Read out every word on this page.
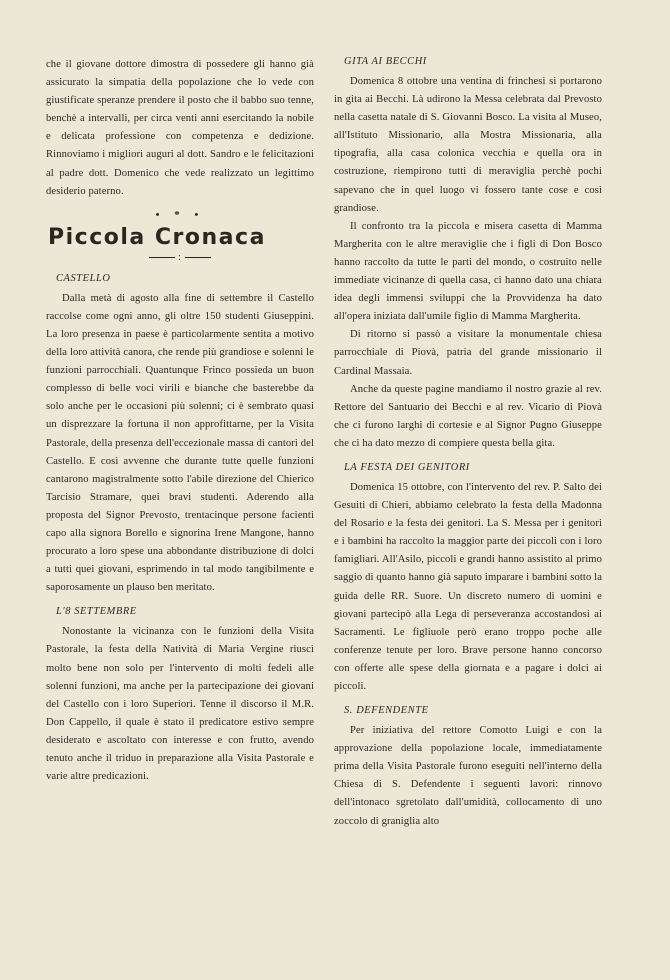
che il giovane dottore dimostra di possedere gli hanno già assicurato la simpatia della popolazione che lo vede con giustificate speranze prendere il posto che il babbo suo tenne, benchè a intervalli, per circa venti anni esercitando la nobile e delicata professione con competenza e dedizione. Rinnoviamo i migliori auguri al dott. Sandro e le felicitazioni al padre dott. Domenico che vede realizzato un legittimo desiderio paterno.

• * •
Piccola Cronaca
:
CASTELLO

Dalla metà di agosto alla fine di settembre il Castello raccolse come ogni anno, gli oltre 150 studenti Giuseppini. La loro presenza in paese è particolarmente sentita a motivo della loro attività canora, che rende più grandiose e solenni le funzioni parrocchiali. Quantunque Frinco possieda un buon complesso di belle voci virili e bianche che basterebbe da solo anche per le occasioni più solenni; ci è sembrato quasi un disprezzare la fortuna il non approfittarne, per la Visita Pastorale, della presenza dell'eccezionale massa di cantori del Castello. E così avvenne che durante tutte quelle funzioni cantarono magistralmente sotto l'abile direzione del Chierico Tarcisio Stramare, quei bravi studenti. Aderendo alla proposta del Signor Prevosto, trentacinque persone facienti capo alla signora Borello e signorina Irene Mangone, hanno procurato a loro spese una abbondante distribuzione di dolci a tutti quei giovani, esprimendo in tal modo tangibilmente e saporosamente un plauso ben meritato.

L'8 SETTEMBRE

Nonostante la vicinanza con le funzioni della Visita Pastorale, la festa della Natività di Maria Vergine riuscì molto bene non solo per l'intervento di molti fedeli alle solenni funzioni, ma anche per la partecipazione dei giovani del Castello con i loro Superiori. Tenne il discorso il M.R. Don Cappello, il quale è stato il predicatore estivo sempre desiderato e ascoltato con interesse e con frutto, avendo tenuto anche il triduo in preparazione alla Visita Pastorale e varie altre predicazioni.

GITA AI BECCHI

Domenica 8 ottobre una ventina di frinchesi si portarono in gita ai Becchi. Là udirono la Messa celebrata dal Prevosto nella casetta natale di S. Giovanni Bosco. La visita al Museo, all'Istituto Missionario, alla Mostra Missionaria, alla tipografia, alla casa colonica vecchia e quella ora in costruzione, riempirono tutti di meraviglia perchè pochi sapevano che in quel luogo vi fossero tante cose e così grandiose.

Il confronto tra la piccola e misera casetta di Mamma Margherita con le altre meraviglie che i figli di Don Bosco hanno raccolto da tutte le parti del mondo, o costruito nelle immediate vicinanze di quella casa, ci hanno dato una chiara idea degli immensi sviluppi che la Provvidenza ha dato all'opera iniziata dall'umile figlio di Mamma Margherita.

Di ritorno si passò a visitare la monumentale chiesa parrocchiale di Piovà, patria del grande missionario il Cardinal Massaia.

Anche da queste pagine mandiamo il nostro grazie al rev. Rettore del Santuario dei Becchi e al rev. Vicario di Piovà che ci furono larghi di cortesie e al Signor Pugno Giuseppe che ci ha dato mezzo di compiere questa bella gita.

LA FESTA DEI GENITORI

Domenica 15 ottobre, con l'intervento del rev. P. Salto dei Gesuiti di Chieri, abbiamo celebrato la festa della Madonna del Rosario e la festa dei genitori. La S. Messa per i genitori e i bambini ha raccolto la maggior parte dei piccoli con i loro famigliari. All'Asilo, piccoli e grandi hanno assistito al primo saggio di quanto hanno già saputo imparare i bambini sotto la guida delle RR. Suore. Un discreto numero di uomini e giovani partecipò alla Lega di perseveranza accostandosi ai Sacramenti. Le figliuole però erano troppo poche alle conferenze tenute per loro. Brave persone hanno concorso con offerte alle spese della giornata e a pagare i dolci ai piccoli.

S. DEFENDENTE

Per iniziativa del rettore Comotto Luigi e con la approvazione della popolazione locale, immediatamente prima della Visita Pastorale furono eseguiti nell'interno della Chiesa di S. Defendente i seguenti lavori: rinnovo dell'intonaco sgretolato dall'umidità, collocamento di uno zoccolo di graniglia alto
